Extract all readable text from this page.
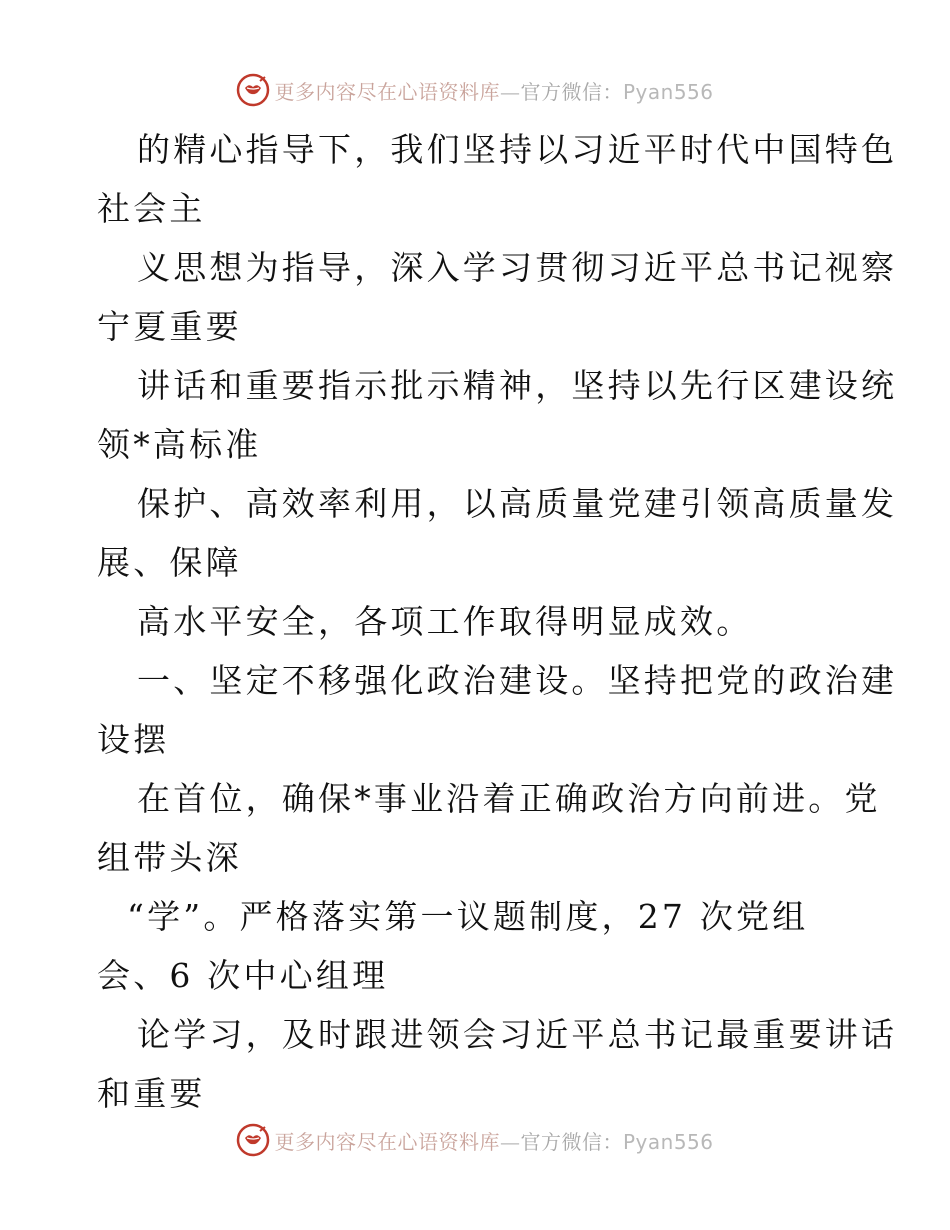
更多内容尽在心语资料库—官方微信：Pyan556
的精心指导下，我们坚持以习近平时代中国特色
社会主
义思想为指导，深入学习贯彻习近平总书记视察
宁夏重要
讲话和重要指示批示精神，坚持以先行区建设统
领*高标准
保护、高效率利用，以高质量党建引领高质量发
展、保障
高水平安全，各项工作取得明显成效。
一、坚定不移强化政治建设。坚持把党的政治建
设摆
在首位，确保*事业沿着正确政治方向前进。党
组带头深
“学”。严格落实第一议题制度，27 次党组
会、6 次中心组理
论学习，及时跟进领会习近平总书记最重要讲话
和重要
更多内容尽在心语资料库—官方微信：Pyan556
